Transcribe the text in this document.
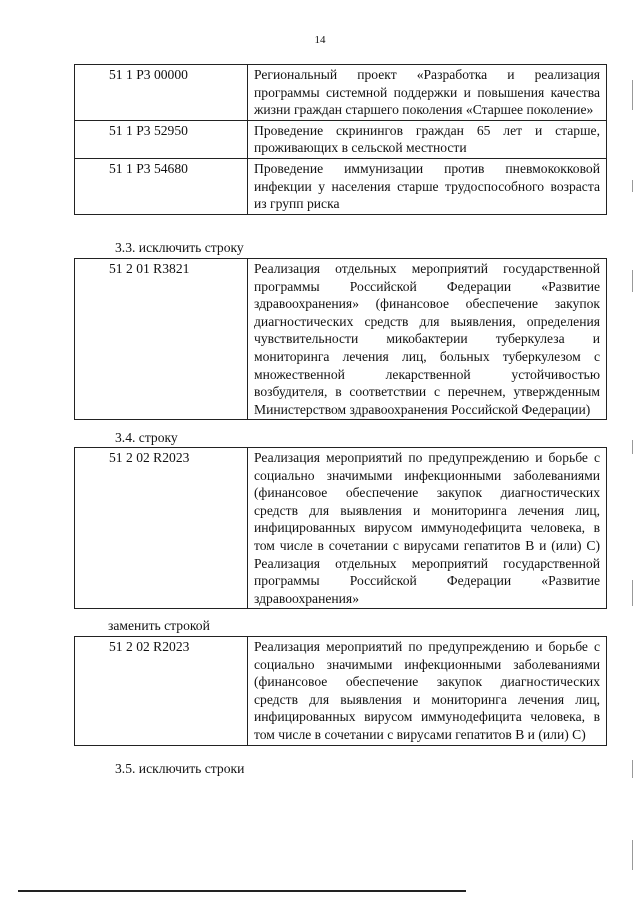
14
51 1 P3 00000	Региональный проект «Разработка и реализация программы системной поддержки и повышения качества жизни граждан старшего поколения «Старшее поколение»
51 1 P3 52950	Проведение скринингов граждан 65 лет и старше, проживающих в сельской местности
51 1 P3 54680	Проведение иммунизации против пневмококковой инфекции у населения старше трудоспособного возраста из групп риска
3.3. исключить строку
51 2 01 R3821	Реализация отдельных мероприятий государственной программы Российской Федерации «Развитие здравоохранения» (финансовое обеспечение закупок диагностических средств для выявления, определения чувствительности микобактерии туберкулеза и мониторинга лечения лиц, больных туберкулезом с множественной лекарственной устойчивостью возбудителя, в соответствии с перечнем, утвержденным Министерством здравоохранения Российской Федерации)
3.4. строку
51 2 02 R2023	Реализация мероприятий по предупреждению и борьбе с социально значимыми инфекционными заболеваниями (финансовое обеспечение закупок диагностических средств для выявления и мониторинга лечения лиц, инфицированных вирусом иммунодефицита человека, в том числе в сочетании с вирусами гепатитов В и (или) С) Реализация отдельных мероприятий государственной программы Российской Федерации «Развитие здравоохранения»
заменить строкой
51 2 02 R2023	Реализация мероприятий по предупреждению и борьбе с социально значимыми инфекционными заболеваниями (финансовое обеспечение закупок диагностических средств для выявления и мониторинга лечения лиц, инфицированных вирусом иммунодефицита человека, в том числе в сочетании с вирусами гепатитов В и (или) С)
3.5. исключить строки
